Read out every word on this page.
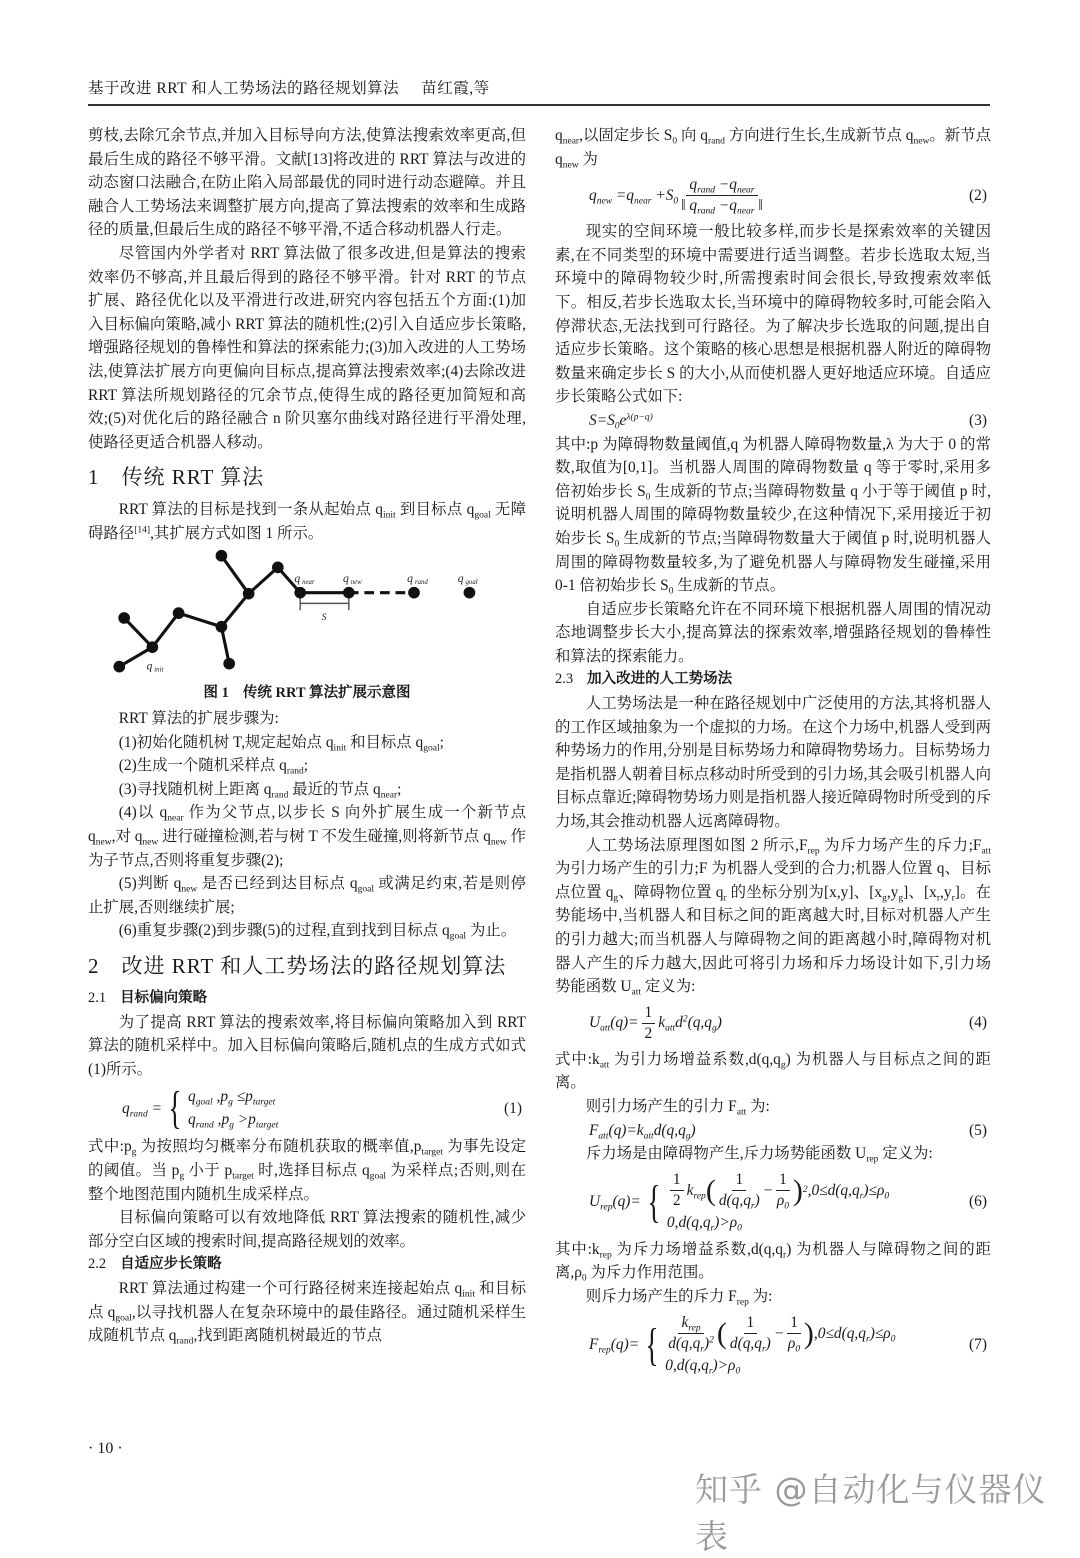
基于改进 RRT 和人工势场法的路径规划算法 苗红霞,等

剪枝,去除冗余节点,并加入目标导向方法,使算法搜索效率更高,但最后生成的路径不够平滑。文献[13]将改进的 RRT 算法与改进的动态窗口法融合,在防止陷入局部最优的同时进行动态避障。并且融合人工势场法来调整扩展方向,提高了算法搜索的效率和生成路径的质量,但最后生成的路径不够平滑,不适合移动机器人行走。

尽管国内外学者对 RRT 算法做了很多改进,但是算法的搜索效率仍不够高,并且最后得到的路径不够平滑。针对 RRT 的节点扩展、路径优化以及平滑进行改进,研究内容包括五个方面:(1)加入目标偏向策略,减小 RRT 算法的随机性;(2)引入自适应步长策略,增强路径规划的鲁棒性和算法的探索能力;(3)加入改进的人工势场法,使算法扩展方向更偏向目标点,提高算法搜索效率;(4)去除改进 RRT 算法所规划路径的冗余节点,使得生成的路径更加简短和高效;(5)对优化后的路径融合 n 阶贝塞尔曲线对路径进行平滑处理,使路径更适合机器人移动。

1　 传统 RRT 算法

RRT 算法的目标是找到一条从起始点 $q_{init}$ 到目标点 $q_{goal}$ 无障碍路径[14],其扩展方式如图 1 所示。

qnear qnew	qrand qgoal
qinit
S
图 1 传统 RRT 算法扩展示意图

RRT 算法的扩展步骤为:

(1)初始化随机树 T,规定起始点 $q_{init}$ 和目标点 $q_{goal}$;

(2)生成一个随机采样点 $q_{rand}$;

(3)寻找随机树上距离 $q_{rand}$ 最近的节点 $q_{near}$;

(4)以 $q_{near}$ 作为父节点,以步长 S 向外扩展生成一个新节点 $q_{new}$,对 $q_{new}$ 进行碰撞检测,若与树 T 不发生碰撞,则将新节点 $q_{new}$ 作为子节点,否则将重复步骤(2);

(5)判断 $q_{new}$ 是否已经到达目标点 $q_{goal}$ 或满足约束,若是则停止扩展,否则继续扩展;

(6)重复步骤(2)到步骤(5)的过程,直到找到目标点 $q_{goal}$ 为止。

2　 改进 RRT 和人工势场法的路径规划算法
2.1 目标偏向策略

为了提高 RRT 算法的搜索效率,将目标偏向策略加入到 RRT 算法的随机采样中。加入目标偏向策略后,随机点的生成方式如式(1)所示。

$q_{rand}$ = { $q_{goal}$ $,p_g \le p_{target}$
$q_{rand}$ $,p_g >p_{target}$
(1)

式中$:p_g$ 为按照均匀概率分布随机获取的概率值$,p_{target}$ 为事先设定的阈值。当 $p_g$ 小于 $p_{target}$ 时,选择目标点 $q_{goal}$ 为采样点;否则,则在整个地图范围内随机生成采样点。

目标偏向策略可以有效地降低 RRT 算法搜索的随机性,减少部分空白区域的搜索时间,提高路径规划的效率。

2.2 自适应步长策略

RRT 算法通过构建一个可行路径树来连接起始点 $q_{init}$ 和目标点 $q_{goal}$,以寻找机器人在复杂环境中的最佳路径。通过随机采样生成随机节点 $q_{rand}$,找到距离随机树最近的节点

$q_{near}$,以固定步长 $S_0$ 向 $q_{rand}$ 方向进行生长,生成新节点 $q_{new}$。新节点 $q_{new}$ 为

$q_{new} =q_{near} +S_0 \frac{q_{rand} -q_{near}}{‖ q_{rand} -q_{near} ‖}$	(2)

现实的空间环境一般比较多样,而步长是探索效率的关键因素,在不同类型的环境中需要进行适当调整。若步长选取太短,当环境中的障碍物较少时,所需搜索时间会很长,导致搜索效率低下。相反,若步长选取太长,当环境中的障碍物较多时,可能会陷入停滞状态,无法找到可行路径。为了解决步长选取的问题,提出自适应步长策略。这个策略的核心思想是根据机器人附近的障碍物数量来确定步长 S 的大小,从而使机器人更好地适应环境。自适应步长策略公式如下:

$S=S_0e^{\lambda(p-q)}$	(3)

其中:p 为障碍物数量阈值,q 为机器人障碍物数量,λ 为大于 0 的常数,取值为[0,1]。当机器人周围的障碍物数量 q 等于零时,采用多倍初始步长 $S_0$ 生成新的节点;当障碍物数量 q 小于等于阈值 p 时,说明机器人周围的障碍物数量较少,在这种情况下,采用接近于初始步长 $S_0$ 生成新的节点;当障碍物数量大于阈值 p 时,说明机器人周围的障碍物数量较多,为了避免机器人与障碍物发生碰撞,采用 0-1 倍初始步长 $S_0$ 生成新的节点。

自适应步长策略允许在不同环境下根据机器人周围的情况动态地调整步长大小,提高算法的探索效率,增强路径规划的鲁棒性和算法的探索能力。

2.3 加入改进的人工势场法

人工势场法是一种在路径规划中广泛使用的方法,其将机器人的工作区域抽象为一个虚拟的力场。在这个力场中,机器人受到两种势场力的作用,分别是目标势场力和障碍物势场力。目标势场力是指机器人朝着目标点移动时所受到的引力场,其会吸引机器人向目标点靠近;障碍物势场力则是指机器人接近障碍物时所受到的斥力场,其会推动机器人远离障碍物。

人工势场法原理图如图 2 所示$,F_{rep}$ 为斥力场产生的斥力$;F_{att}$ 为引力场产生的引力;F 为机器人受到的合力;机器人位置 q、目标点位置 $q_g$、障碍物位置 $q_r$ 的坐标分别为[x,y]、$[x_g,y_g]$、$[x_r,y_r]$。在势能场中,当机器人和目标之间的距离越大时,目标对机器人产生的引力越大;而当机器人与障碍物之间的距离越小时,障碍物对机器人产生的斥力越大,因此可将引力场和斥力场设计如下,引力场势能函数 $U_{att}$ 定义为:

$U_{att}(q)= \frac{1}{2} k_{att}d^2(q,q_g)$	(4)

式中$:k_{att}$ 为引力场增益系数$,d(q,q_g)$ 为机器人与目标点之间的距离。

则引力场产生的引力 $F_{att}$ 为:

$F_{att}(q)=k_{att}d(q,q_g)$	(5)

斥力场是由障碍物产生,斥力场势能函数 $U_{rep}$ 定义为:

$U_{rep}(q)=$ { $\frac{1}{2} k_{rep}$ ( $\frac{1}{d(q,q_r)} - \frac{1}{\rho_0}$ ) 2 $,0\le d(q,q_r)\le\rho_0$
$0,d(q,q_r)>\rho_0$
(6)

其中$:k_{rep}$ 为斥力场增益系数$,d(q,q_r)$ 为机器人与障碍物之间的距离$,\rho_0$ 为斥力作用范围。

则斥力场产生的斥力 $F_{rep}$ 为:

$F_{rep}(q)=$ { $\frac{k_{rep}}{d(q,q_r)^2}$ ( $\frac{1}{d(q,q_r)} - \frac{1}{\rho_0}$ ) $,0\le d(q,q_r)\le\rho_0$
$0,d(q,q_r)>\rho_0$
(7)
· 10 ·
知乎 @自动化与仪器仪表
